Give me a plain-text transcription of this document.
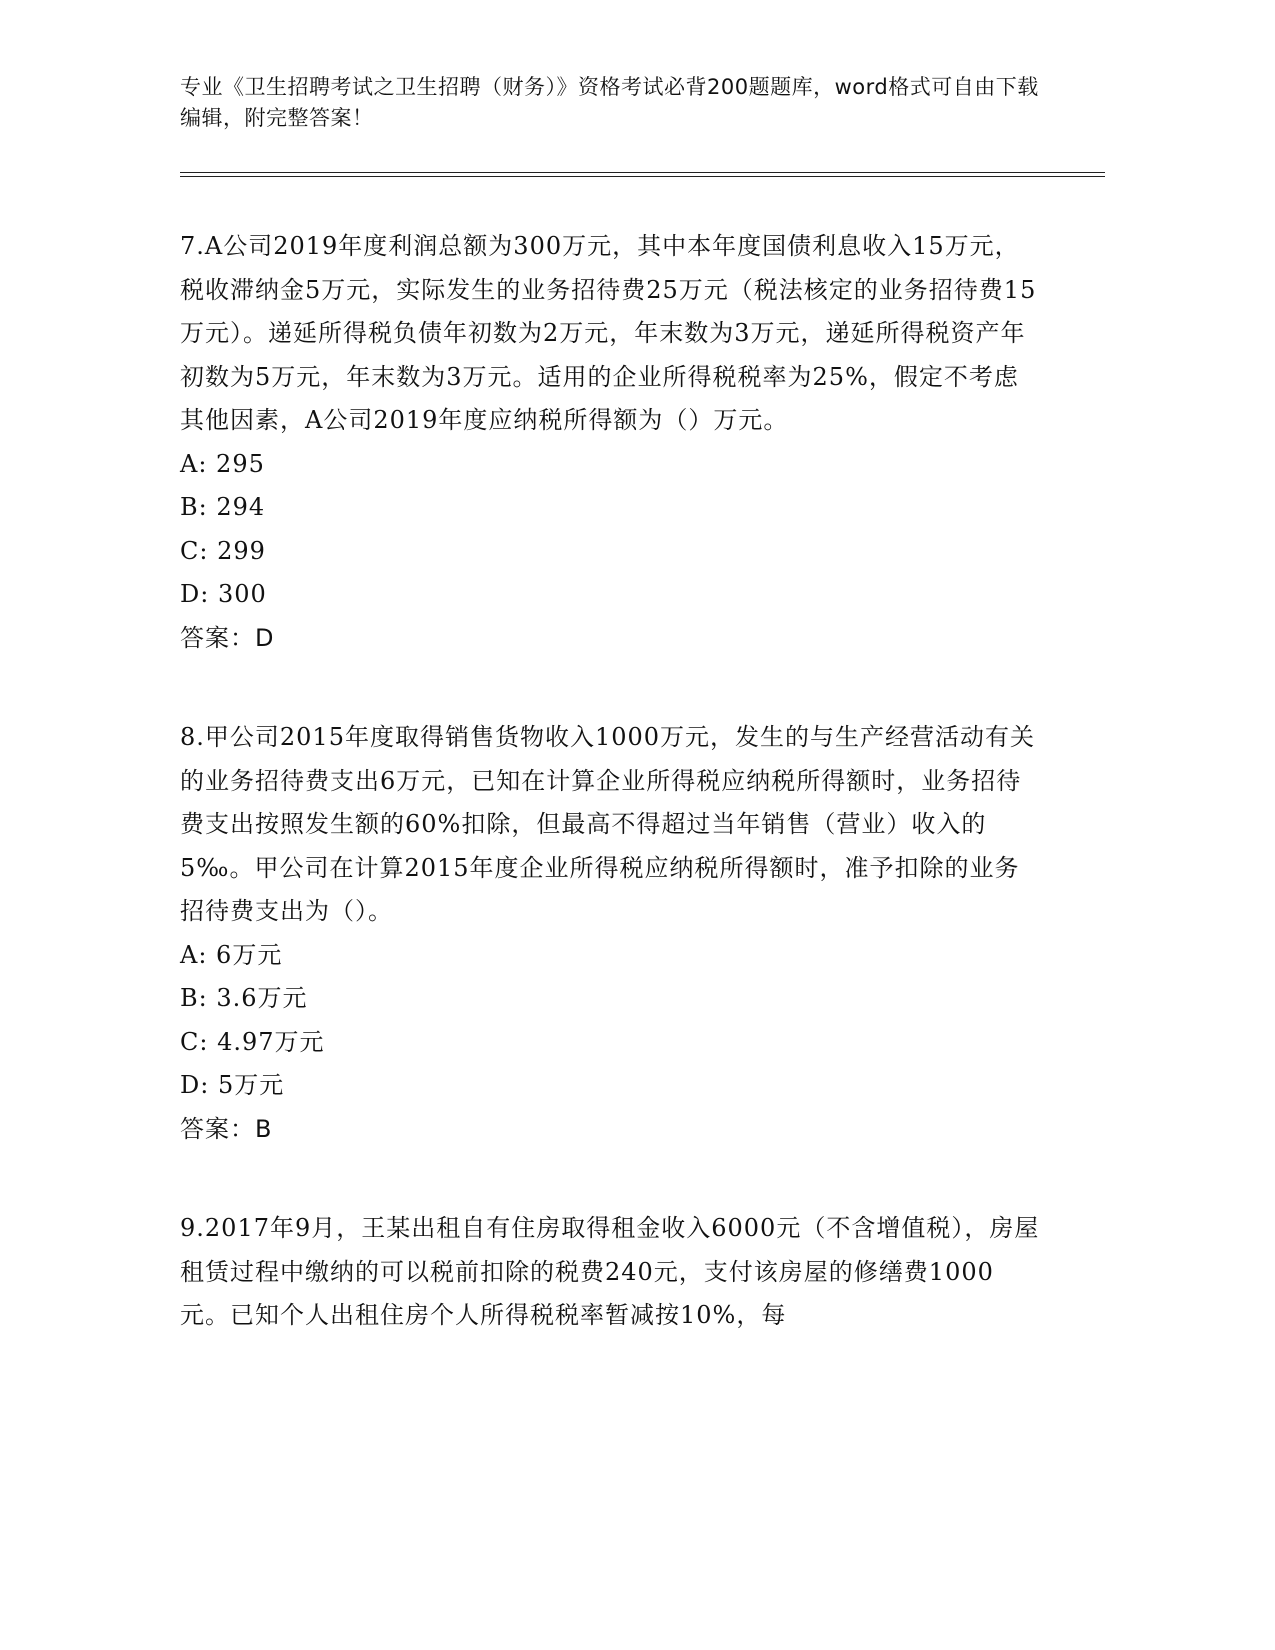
专业《卫生招聘考试之卫生招聘（财务）》资格考试必背200题题库，word格式可自由下载编辑，附完整答案！
7.A公司2019年度利润总额为300万元，其中本年度国债利息收入15万元，税收滞纳金5万元，实际发生的业务招待费25万元（税法核定的业务招待费15万元）。递延所得税负债年初数为2万元，年末数为3万元，递延所得税资产年初数为5万元，年末数为3万元。适用的企业所得税税率为25%，假定不考虑其他因素，A公司2019年度应纳税所得额为（）万元。
A: 295
B: 294
C: 299
D: 300
答案：D
8.甲公司2015年度取得销售货物收入1000万元，发生的与生产经营活动有关的业务招待费支出6万元，已知在计算企业所得税应纳税所得额时，业务招待费支出按照发生额的60%扣除，但最高不得超过当年销售（营业）收入的5‰。甲公司在计算2015年度企业所得税应纳税所得额时，准予扣除的业务招待费支出为（）。
A: 6万元
B: 3.6万元
C: 4.97万元
D: 5万元
答案：B
9.2017年9月，王某出租自有住房取得租金收入6000元（不含增值税），房屋租赁过程中缴纳的可以税前扣除的税费240元，支付该房屋的修缮费1000元。已知个人出租住房个人所得税税率暂减按10%，每
